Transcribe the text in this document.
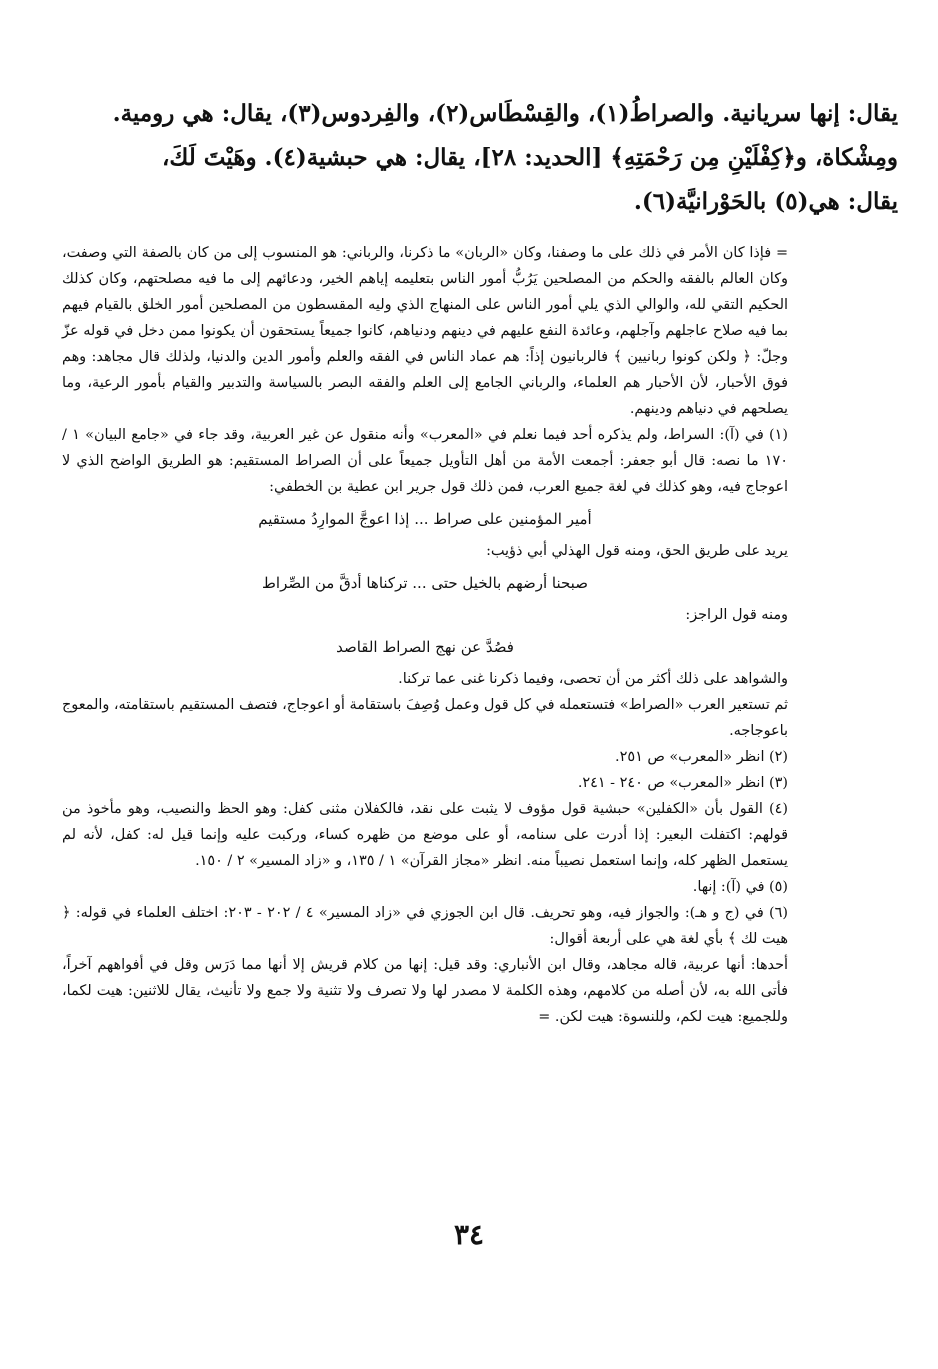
يقال: إنها سريانية. والصراطُ(١)، والقِسْطَاس(٢)، والفِردوس(٣)، يقال: هي رومية.

ومِشْكاة، و﴿كِفْلَيْنِ مِن رَحْمَتِهِ﴾ [الحديد: ٢٨]، يقال: هي حبشية(٤). وهَيْتَ لَكَ،

يقال: هي(٥) بالحَوْرانيَّة(٦).

= فإذا كان الأمر في ذلك على ما وصفنا، وكان «الربان» ما ذكرنا، والرباني: هو المنسوب إلى من كان بالصفة التي وصفت، وكان العالم بالفقه والحكم من المصلحين يَرُبُّ أمور الناس بتعليمه إياهم الخير، ودعائهم إلى ما فيه مصلحتهم، وكان كذلك الحكيم التقي لله، والوالي الذي يلي أمور الناس على المنهاج الذي وليه المقسطون من المصلحين أمور الخلق بالقيام فيهم بما فيه صلاح عاجلهم وآجلهم، وعائدة النفع عليهم في دينهم ودنياهم، كانوا جميعاً يستحقون أن يكونوا ممن دخل في قوله عزّ وجلّ: ﴿ ولكن كونوا ربانيين ﴾ فالربانيون إذاً: هم عماد الناس في الفقه والعلم وأمور الدين والدنيا، ولذلك قال مجاهد: وهم فوق الأحبار، لأن الأحبار هم العلماء، والرباني الجامع إلى العلم والفقه البصر بالسياسة والتدبير والقيام بأمور الرعية، وما يصلحهم في دنياهم ودينهم.

(١) في (آ): السراط، ولم يذكره أحد فيما نعلم في «المعرب» وأنه منقول عن غير العربية، وقد جاء في «جامع البيان» ١ / ١٧٠ ما نصه: قال أبو جعفر: أجمعت الأمة من أهل التأويل جميعاً على أن الصراط المستقيم: هو الطريق الواضح الذي لا اعوجاج فيه، وهو كذلك في لغة جميع العرب، فمن ذلك قول جرير ابن عطية بن الخطفي:

أمير المؤمنين على صراط ... إذا اعوجَّ الموارِدُ مستقيم

يريد على طريق الحق، ومنه قول الهذلي أبي ذؤيب:

صبحنا أرضهم بالخيل حتى ... تركناها أدقَّ من الصِّراط

ومنه قول الراجز:

فصُدَّ عن نهج الصراط القاصد

والشواهد على ذلك أكثر من أن تحصى، وفيما ذكرنا غنى عما تركنا.

ثم تستعير العرب «الصراط» فتستعمله في كل قول وعمل وُصِفَ باستقامة أو اعوجاج، فتصف المستقيم باستقامته، والمعوج باعوجاجه.

(٢) انظر «المعرب» ص ٢٥١.

(٣) انظر «المعرب» ص ٢٤٠ - ٢٤١.

(٤) القول بأن «الكفلين» حبشية قول مؤوف لا يثبت على نقد، فالكفلان مثنى كفل: وهو الحظ والنصيب، وهو مأخوذ من قولهم: اكتفلت البعير: إذا أدرت على سنامه، أو على موضع من ظهره كساء، وركبت عليه وإنما قيل له: كفل، لأنه لم يستعمل الظهر كله، وإنما استعمل نصيباً منه. انظر «مجاز القرآن» ١ / ١٣٥، و «زاد المسير» ٢ / ١٥٠.

(٥) في (آ): إنها.

(٦) في (ج و هـ): والجواز فيه، وهو تحريف. قال ابن الجوزي في «زاد المسير» ٤ / ٢٠٢ - ٢٠٣: اختلف العلماء في قوله: ﴿ هيت لك ﴾ بأي لغة هي على أربعة أقوال:

أحدها: أنها عربية، قاله مجاهد، وقال ابن الأنباري: وقد قيل: إنها من كلام قريش إلا أنها مما دَرَس وقل في أفواههم آخراً، فأتى الله به، لأن أصله من كلامهم، وهذه الكلمة لا مصدر لها ولا تصرف ولا تثنية ولا جمع ولا تأنيث، يقال للاثنين: هيت لكما، وللجميع: هيت لكم، وللنسوة: هيت لكن. =

٣٤
